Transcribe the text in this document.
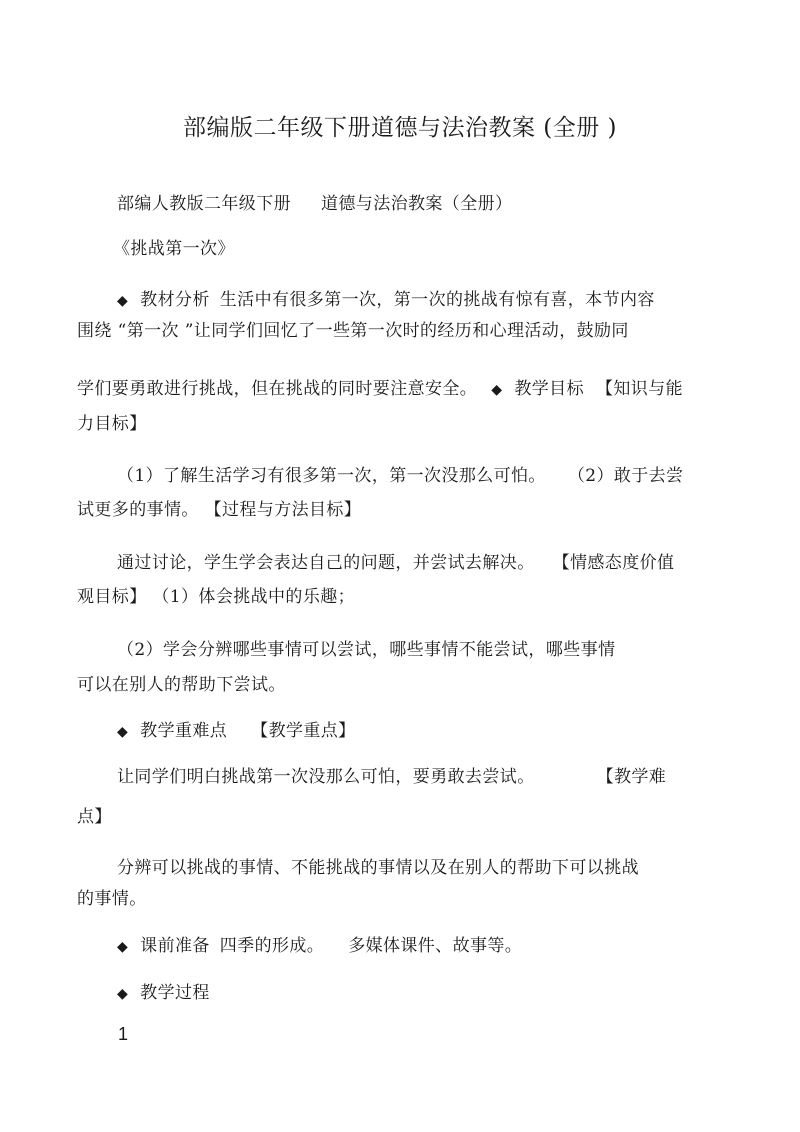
部编版二年级下册道德与法治教案 (全册 )
部编人教版二年级下册 道德与法治教案（全册）
《挑战第一次》
◆ 教材分析 生活中有很多第一次，第一次的挑战有惊有喜，本节内容
围绕 “第一次 ”让同学们回忆了一些第一次时的经历和心理活动，鼓励同
学们要勇敢进行挑战，但在挑战的同时要注意安全。 ◆ 教学目标 【知识与能
力目标】
（1）了解生活学习有很多第一次，第一次没那么可怕。 （2）敢于去尝
试更多的事情。 【过程与方法目标】
通过讨论，学生学会表达自己的问题，并尝试去解决。 【情感态度价值
观目标】 （1）体会挑战中的乐趣；
（2）学会分辨哪些事情可以尝试，哪些事情不能尝试，哪些事情
可以在别人的帮助下尝试。
◆ 教学重难点 【教学重点】
让同学们明白挑战第一次没那么可怕，要勇敢去尝试。	【教学难
点】
分辨可以挑战的事情、不能挑战的事情以及在别人的帮助下可以挑战
的事情。
◆ 课前准备 四季的形成。 多媒体课件、故事等。
◆ 教学过程
1
